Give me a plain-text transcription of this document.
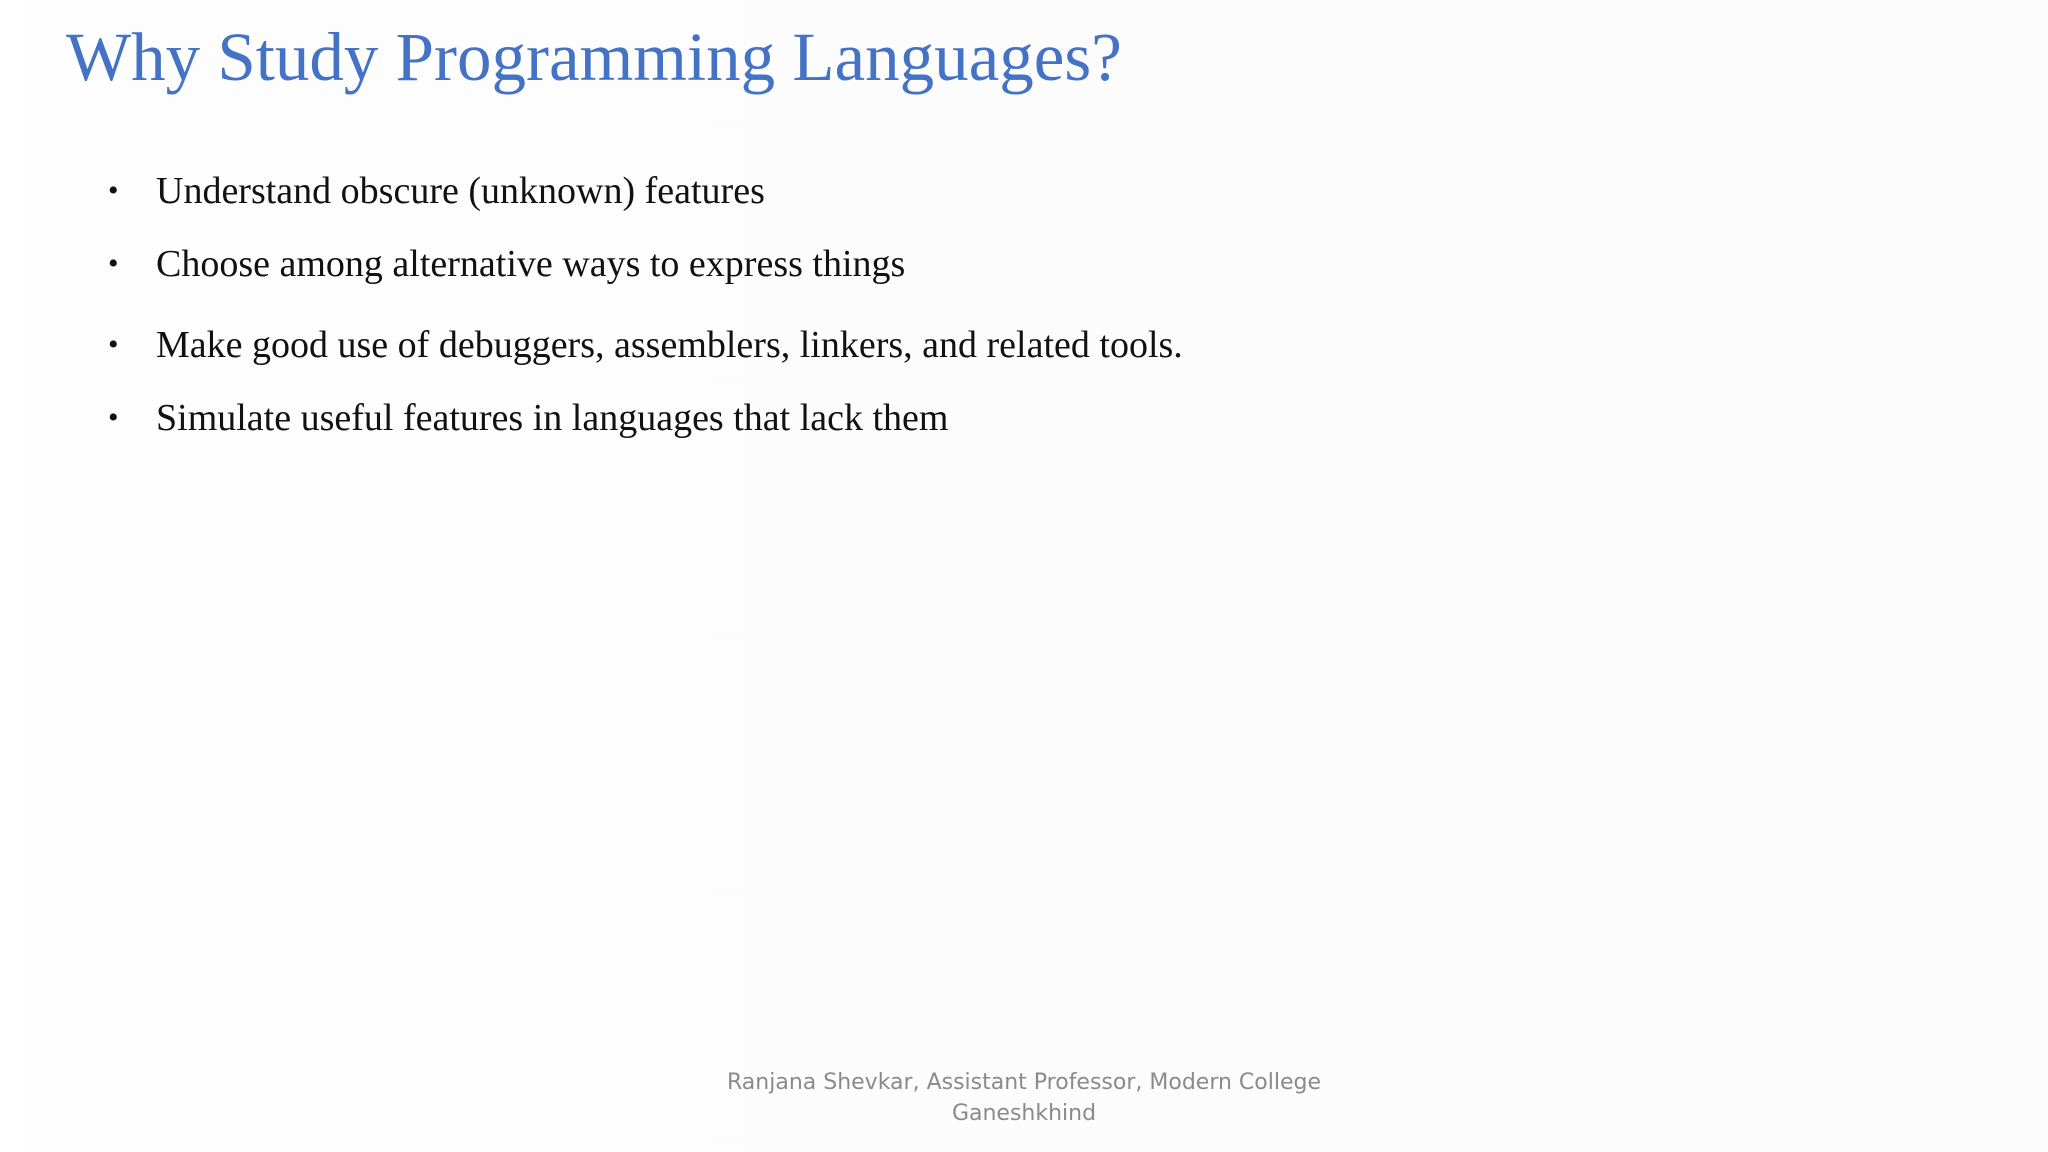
Why Study Programming Languages?
• Understand obscure (unknown) features
• Choose among alternative ways to express things
• Make good use of debuggers, assemblers, linkers, and related tools.
• Simulate useful features in languages that lack them
Ranjana Shevkar, Assistant Professor, Modern College
Ganeshkhind
